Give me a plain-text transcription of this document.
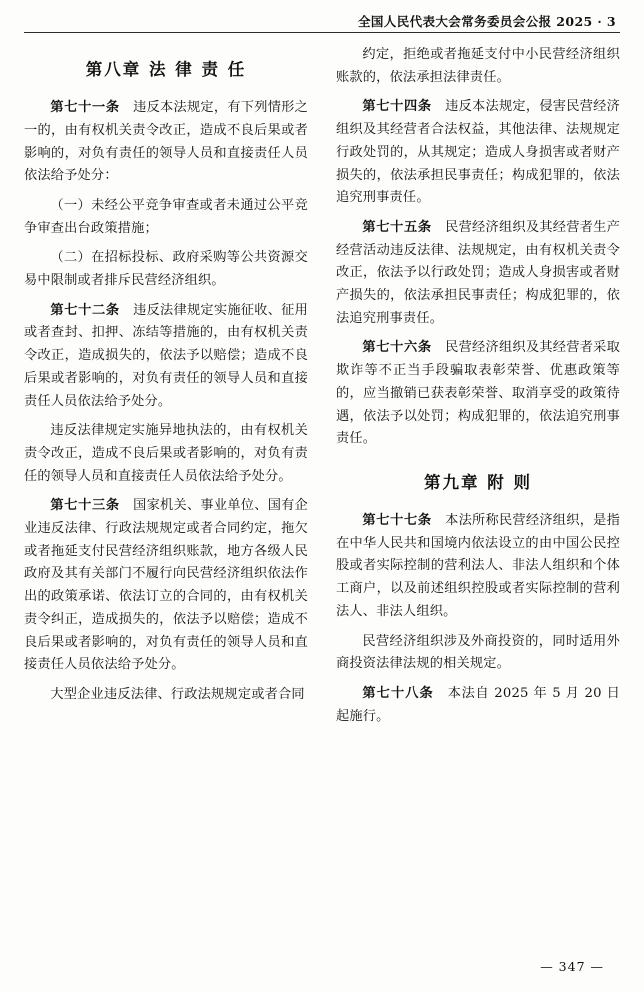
全国人民代表大会常务委员会公报 2025 · 3
第八章 法 律 责 任

第七十一条　 违反本法规定，有下列情形之一的，由有权机关责令改正，造成不良后果或者影响的，对负有责任的领导人员和直接责任人员依法给予处分：

（一）未经公平竞争审查或者未通过公平竞争审查出台政策措施；

（二）在招标投标、政府采购等公共资源交易中限制或者排斥民营经济组织。

第七十二条　 违反法律规定实施征收、征用或者查封、扣押、冻结等措施的，由有权机关责令改正，造成损失的，依法予以赔偿；造成不良后果或者影响的，对负有责任的领导人员和直接责任人员依法给予处分。

违反法律规定实施异地执法的，由有权机关责令改正，造成不良后果或者影响的，对负有责任的领导人员和直接责任人员依法给予处分。

第七十三条　 国家机关、事业单位、国有企业违反法律、行政法规规定或者合同约定，拖欠或者拖延支付民营经济组织账款，地方各级人民政府及其有关部门不履行向民营经济组织依法作出的政策承诺、依法订立的合同的，由有权机关责令纠正，造成损失的，依法予以赔偿；造成不良后果或者影响的，对负有责任的领导人员和直接责任人员依法给予处分。

大型企业违反法律、行政法规规定或者合同

约定，拒绝或者拖延支付中小民营经济组织账款的，依法承担法律责任。

第七十四条　 违反本法规定，侵害民营经济组织及其经营者合法权益，其他法律、法规规定行政处罚的，从其规定；造成人身损害或者财产损失的，依法承担民事责任；构成犯罪的，依法追究刑事责任。

第七十五条　 民营经济组织及其经营者生产经营活动违反法律、法规规定，由有权机关责令改正，依法予以行政处罚；造成人身损害或者财产损失的，依法承担民事责任；构成犯罪的，依法追究刑事责任。

第七十六条　 民营经济组织及其经营者采取欺诈等不正当手段骗取表彰荣誉、优惠政策等的，应当撤销已获表彰荣誉、取消享受的政策待遇，依法予以处罚；构成犯罪的，依法追究刑事责任。

第九章 附 则

第七十七条　 本法所称民营经济组织，是指在中华人民共和国境内依法设立的由中国公民控股或者实际控制的营利法人、非法人组织和个体工商户，以及前述组织控股或者实际控制的营利法人、非法人组织。

民营经济组织涉及外商投资的，同时适用外商投资法律法规的相关规定。

第七十八条　 本法自 2025 年 5 月 20 日起施行。

— 347 —
